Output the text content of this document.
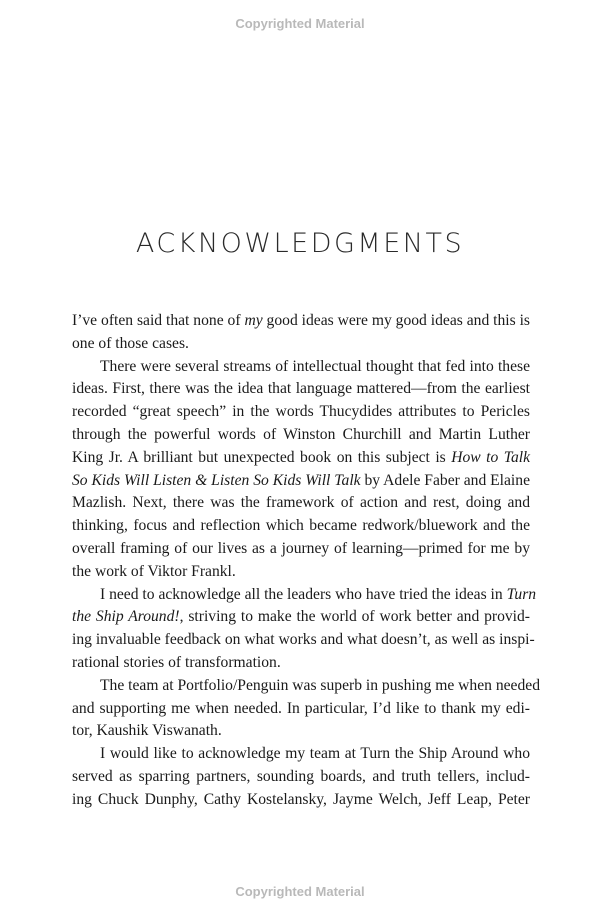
Copyrighted Material
ACKNOWLEDGMENTS
I’ve often said that none of my good ideas were my good ideas and this is
one of those cases.
There were several streams of intellectual thought that fed into these
ideas. First, there was the idea that language mattered—from the earliest
recorded “great speech” in the words Thucydides attributes to Pericles
through the powerful words of Winston Churchill and Martin Luther
King Jr. A brilliant but unexpected book on this subject is How to Talk
So Kids Will Listen & Listen So Kids Will Talk by Adele Faber and Elaine
Mazlish. Next, there was the framework of action and rest, doing and
thinking, focus and reflection which became redwork/bluework and the
overall framing of our lives as a journey of learning—primed for me by
the work of Viktor Frankl.
I need to acknowledge all the leaders who have tried the ideas in Turn
the Ship Around!, striving to make the world of work better and provid-
ing invaluable feedback on what works and what doesn’t, as well as inspi-
rational stories of transformation.
The team at Portfolio/Penguin was superb in pushing me when needed
and supporting me when needed. In particular, I’d like to thank my edi-
tor, Kaushik Viswanath.
I would like to acknowledge my team at Turn the Ship Around who
served as sparring partners, sounding boards, and truth tellers, includ-
ing Chuck Dunphy, Cathy Kostelansky, Jayme Welch, Jeff Leap, Peter
Copyrighted Material
